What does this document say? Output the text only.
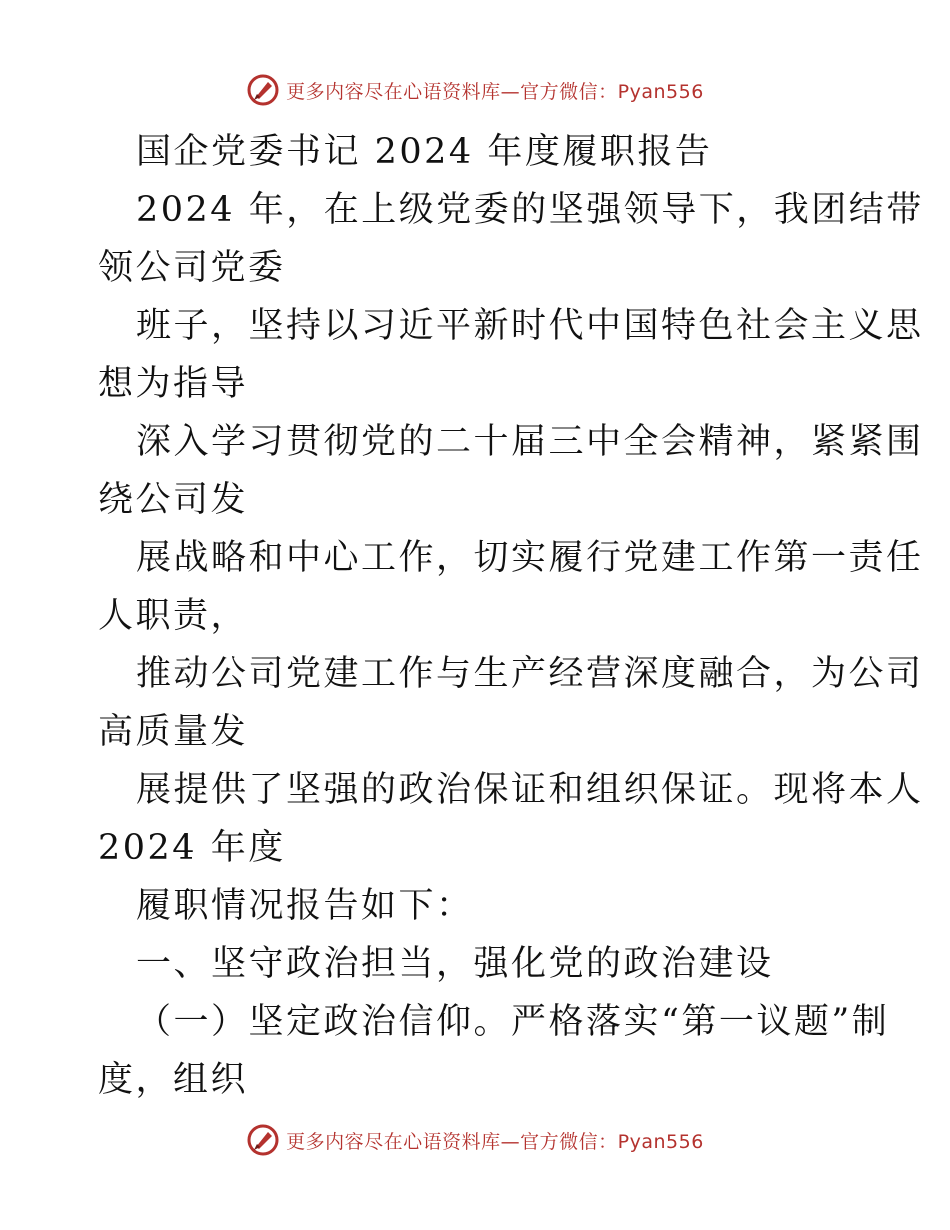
更多内容尽在心语资料库—官方微信：Pyan556
国企党委书记 2024 年度履职报告
2024 年，在上级党委的坚强领导下，我团结带
领公司党委
班子，坚持以习近平新时代中国特色社会主义思
想为指导
深入学习贯彻党的二十届三中全会精神，紧紧围
绕公司发
展战略和中心工作，切实履行党建工作第一责任
人职责，
推动公司党建工作与生产经营深度融合，为公司
高质量发
展提供了坚强的政治保证和组织保证。现将本人
2024 年度
履职情况报告如下：
一、坚守政治担当，强化党的政治建设
（一）坚定政治信仰。严格落实“第一议题”制
度，组织
更多内容尽在心语资料库—官方微信：Pyan556
